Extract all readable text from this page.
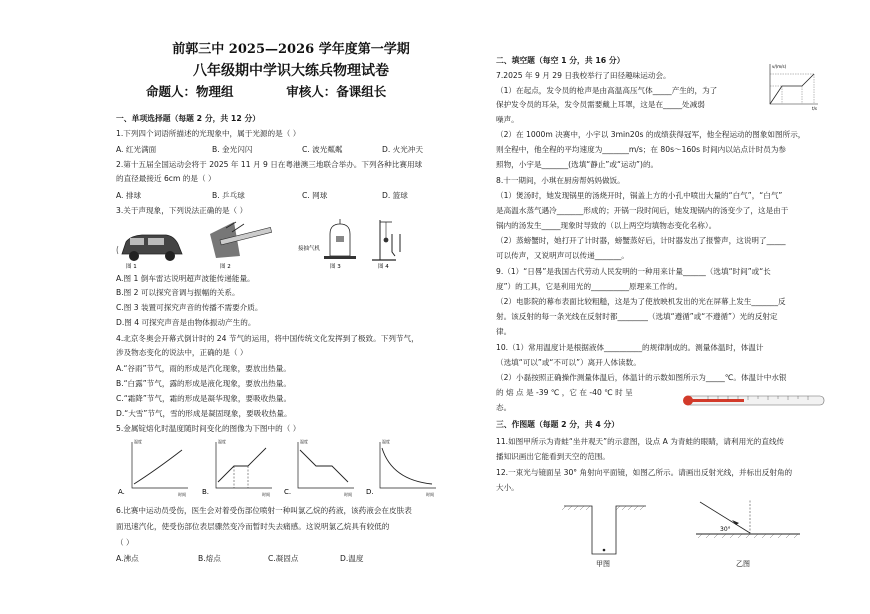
前郭三中 2025—2026 学年度第一学期
八年级期中学识大练兵物理试卷
命题人：物理组	审核人：备课组长
一、单项选择题（每题 2 分，共 12 分）
1.下列四个词语所描述的光现象中，属于光源的是（ ）
A. 红光满面	B. 金光闪闪	C. 波光粼粼	D. 火光冲天
2.第十五届全国运动会将于 2025 年 11 月 9 日在粤港澳三地联合举办。下列各种比赛用球
的直径最接近 6cm 的是（ ）
A. 排球	B. 乒乓球	C. 网球	D. 篮球
3.关于声现象，下列说法正确的是（ ）
图 1	图 2
接抽气机
图 3	图 4
A.图 1 倒车雷达说明超声波能传递能量。
B.图 2 可以探究音调与振幅的关系。
C.图 3 装置可探究声音的传播不需要介质。
D.图 4 可探究声音是由物体振动产生的。
4.北京冬奥会开幕式倒计时的 24 节气的运用，将中国传统文化发挥到了极致。下列节气，
涉及物态变化的说法中，正确的是（ ）
A.“谷雨”节气，雨的形成是汽化现象，要放出热量。
B.“白露”节气，露的形成是液化现象，要放出热量。
C.“霜降”节气，霜的形成是凝华现象，要吸收热量。
D.“大雪”节气，雪的形成是凝固现象，要吸收热量。
5.金属锭熔化时温度随时间变化的图像为下图中的（ ）
A.
温度
时间 B.
温度
时间 C.
温度
时间 D.
温度
时间
6.比赛中运动员受伤，医生会对着受伤部位喷射一种叫氯乙烷的药液，该药液会在皮肤表
面迅速汽化，使受伤部位表层骤然变冷而暂时失去痛感。这说明氯乙烷具有较低的
（ ）
A.沸点	B.熔点	C.凝固点	D.温度
二、填空题（每空 1 分，共 16 分）
7.2025 年 9 月 29 日我校举行了田径趣味运动会。
（1）在起点，发令员的枪声是由高温高压气体_____产生的，为了
保护发令员的耳朵，发令员需要戴上耳罩，这是在_____处减弱
噪声。
v/(m/s)
t/s
（2）在 1000m 决赛中，小宇以 3min20s 的成绩获得冠军，他全程运动的图象如图所示，
则全程中，他全程的平均速度为_______m/s；在 80s～160s 时间内以站点计时员为参
照物，小宇是_______(选填“静止”或“运动”)的。
8.十一期间，小琪在厨房帮妈妈做饭。
（1）煲汤时，她发现锅里的汤烧开时，锅盖上方的小孔中喷出大量的“白气”，“白气”
是高温水蒸气遇冷_______形成的；开锅一段时间后，她发现锅内的汤变少了，这是由于
锅内的汤发生_____现象时导致的（以上两空均填物态变化名称）。
（2）蒸螃蟹时，她打开了计时器，螃蟹蒸好后，计时器发出了报警声，这说明了_____
可以传声，又说明声可以传递_______。
9.（1）“日晷”是我国古代劳动人民发明的一种用来计量______（选填“时间”或“长
度”）的工具，它是利用光的__________原理来工作的。
（2）电影院的幕布表面比较粗糙，这是为了使放映机发出的光在屏幕上发生_______反
射。该反射的每一条光线在反射时都________（选填“遵循”或“不遵循”）光的反射定
律。
10.（1）常用温度计是根据液体__________的规律制成的。测量体温时，体温计
（选填“可以”或“不可以”）离开人体读数。
（2）小磊按照正确操作测量体温后，体温计的示数如图所示为_____℃。体温计中水银
的 熔 点 是 -39 ℃ ，它 在 -40 ℃ 时 呈
态。
三、作图题（每题 2 分，共 4 分）
11.如图甲所示为青蛙“坐井观天”的示意图，设点 A 为青蛙的眼睛，请利用光的直线传
播知识画出它能看到天空的范围。
12.一束光与镜面呈 30° 角射向平面镜，如图乙所示。请画出反射光线，并标出反射角的
大小。
甲图
30°
乙图
